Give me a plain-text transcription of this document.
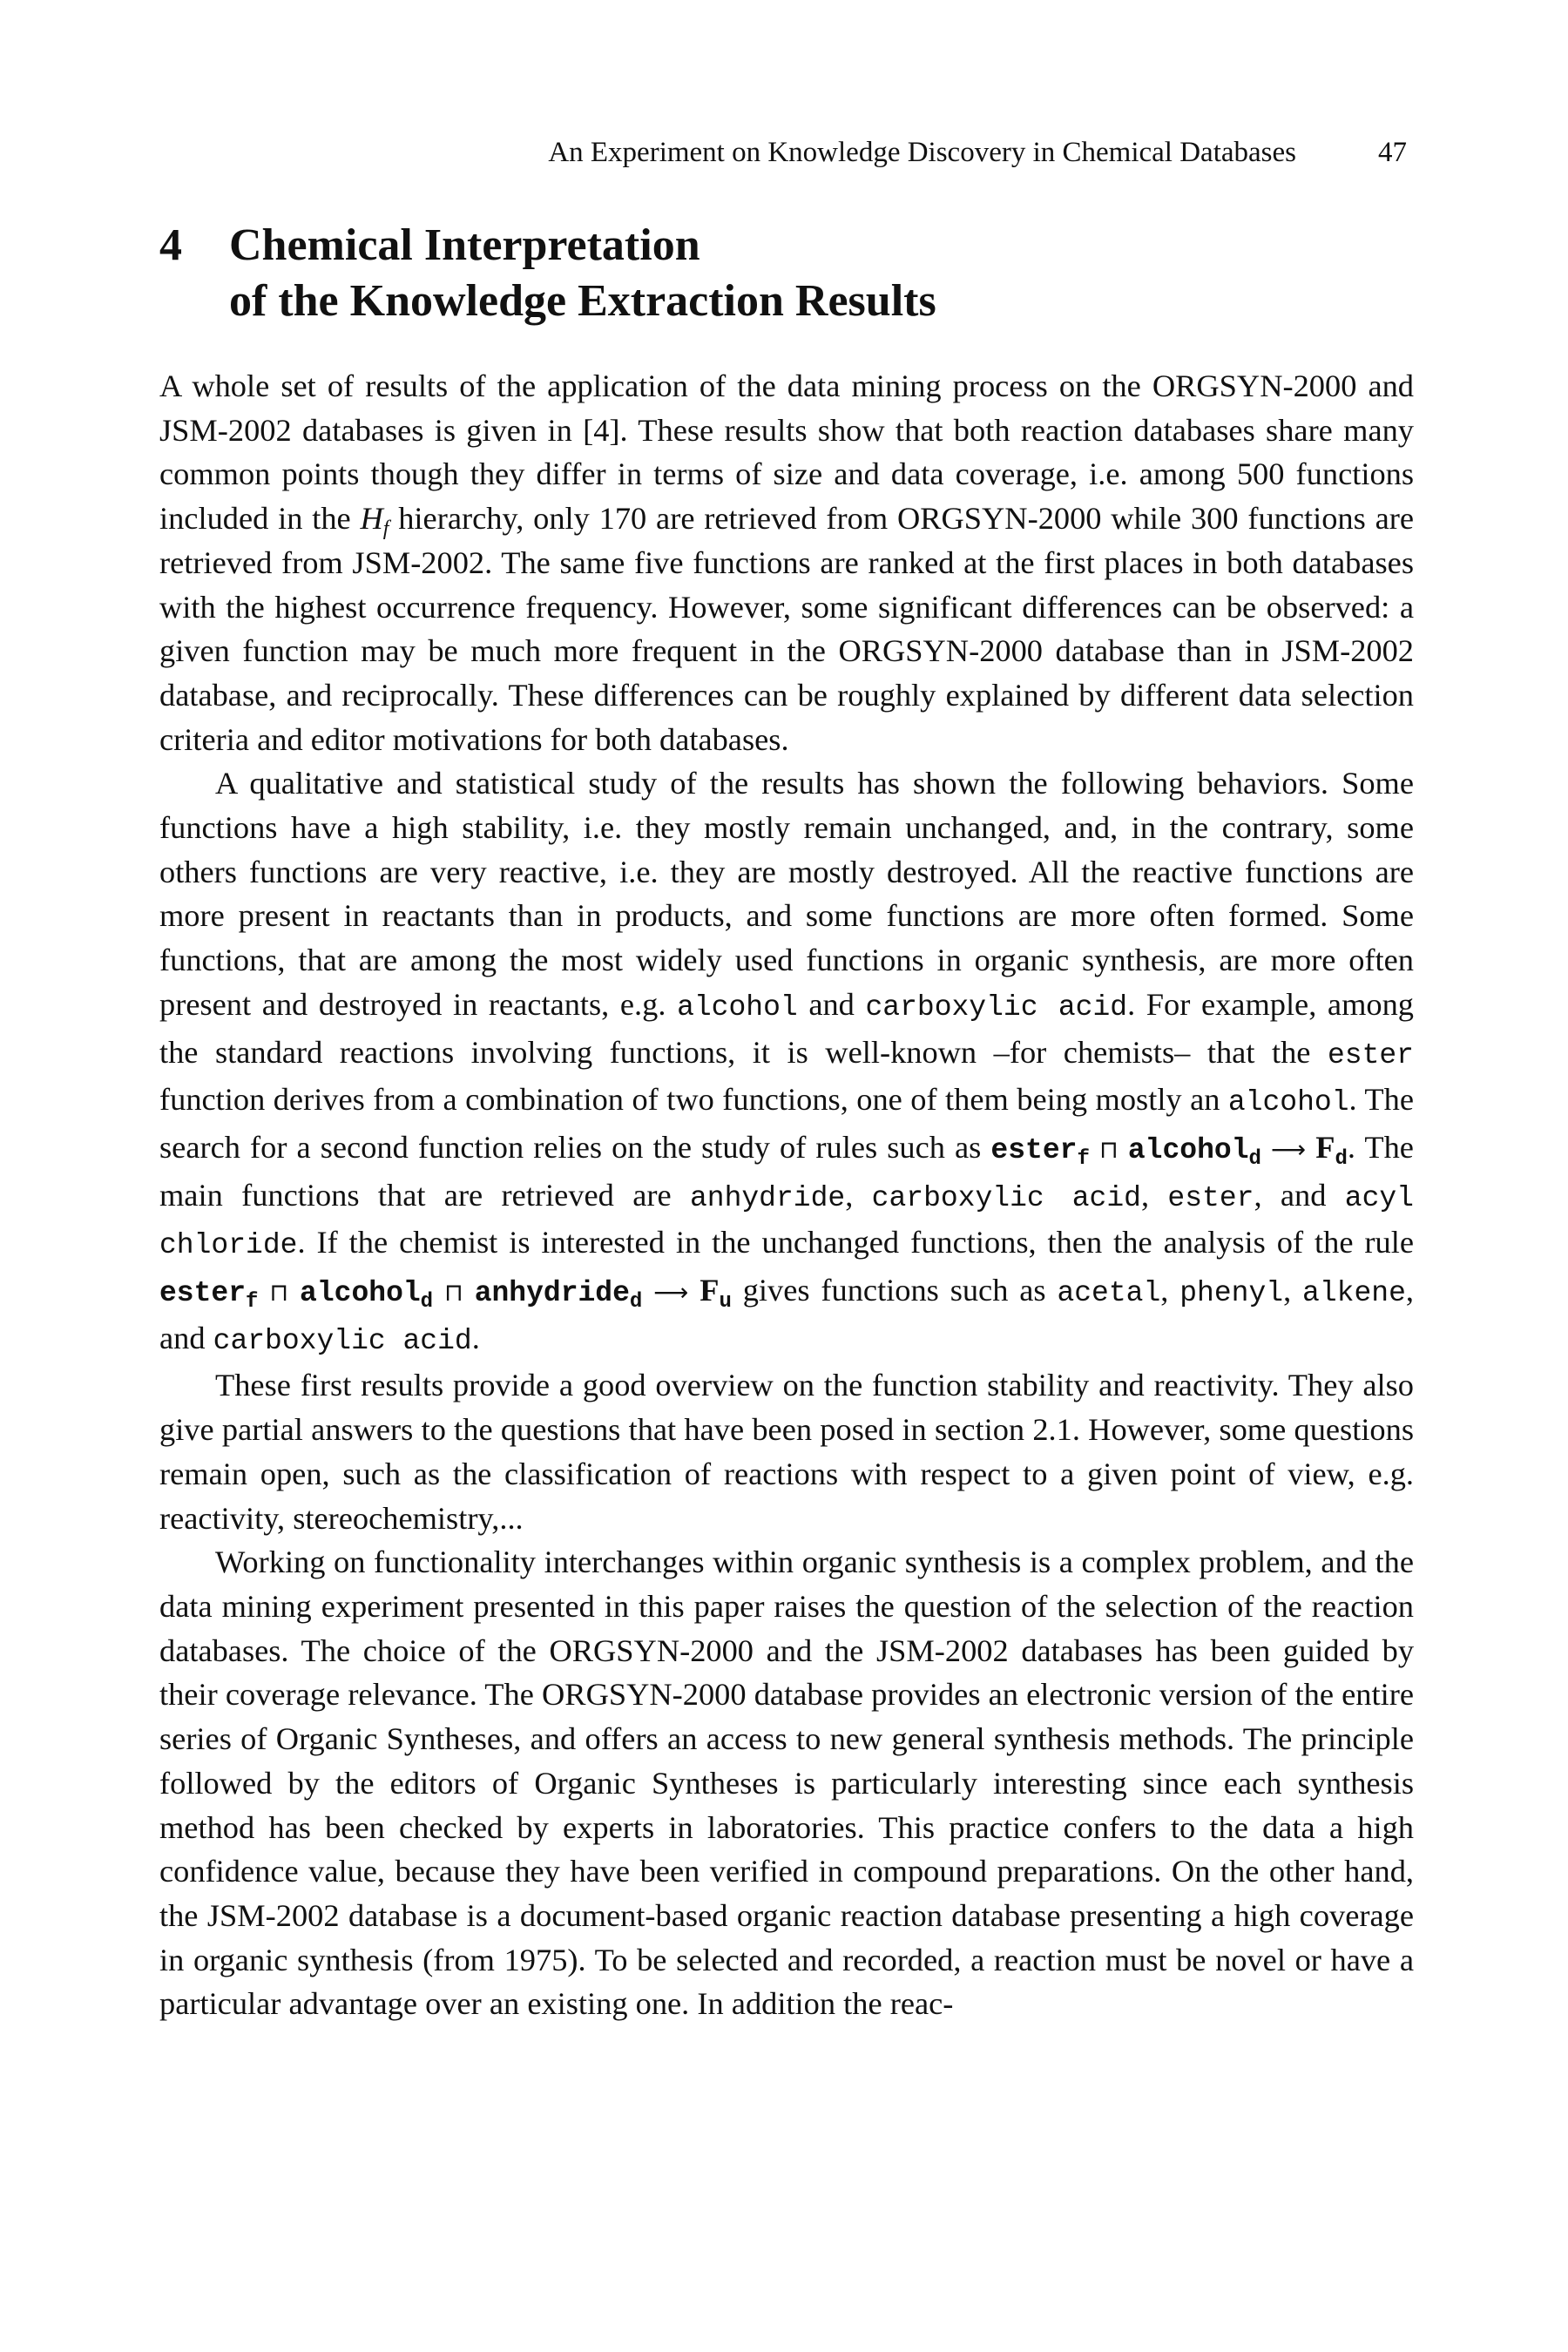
An Experiment on Knowledge Discovery in Chemical Databases	47
4 Chemical Interpretation
of the Knowledge Extraction Results

A whole set of results of the application of the data mining process on the ORGSYN-2000 and JSM-2002 databases is given in [4]. These results show that both reaction databases share many common points though they differ in terms of size and data coverage, i.e. among 500 functions included in the $H_f$ hierarchy, only 170 are retrieved from ORGSYN-2000 while 300 functions are retrieved from JSM-2002. The same five functions are ranked at the first places in both databases with the highest occurrence frequency. However, some significant differences can be observed: a given function may be much more frequent in the ORGSYN-2000 database than in JSM-2002 database, and reciprocally. These differences can be roughly explained by different data selection criteria and editor motivations for both databases.

A qualitative and statistical study of the results has shown the following behaviors. Some functions have a high stability, i.e. they mostly remain unchanged, and, in the contrary, some others functions are very reactive, i.e. they are mostly destroyed. All the reactive functions are more present in reactants than in products, and some functions are more often formed. Some functions, that are among the most widely used functions in organic synthesis, are more often present and destroyed in reactants, e.g. alcohol and carboxylic acid. For example, among the standard reactions involving functions, it is well-known –for chemists– that the ester function derives from a combination of two functions, one of them being mostly an alcohol. The search for a second function relies on the study of rules such as ester$_f$ ⊓ alcohol$_d$ ⟶ $F_d$. The main functions that are retrieved are anhydride, carboxylic acid, ester, and acyl chloride. If the chemist is interested in the unchanged functions, then the analysis of the rule ester$_f$ ⊓ alcohol$_d$ ⊓ anhydride$_d$ ⟶ $F_u$ gives functions such as acetal, phenyl, alkene, and carboxylic acid.

These first results provide a good overview on the function stability and reactivity. They also give partial answers to the questions that have been posed in section 2.1. However, some questions remain open, such as the classification of reactions with respect to a given point of view, e.g. reactivity, stereochemistry,...

Working on functionality interchanges within organic synthesis is a complex problem, and the data mining experiment presented in this paper raises the question of the selection of the reaction databases. The choice of the ORGSYN-2000 and the JSM-2002 databases has been guided by their coverage relevance. The ORGSYN-2000 database provides an electronic version of the entire series of Organic Syntheses, and offers an access to new general synthesis methods. The principle followed by the editors of Organic Syntheses is particularly interesting since each synthesis method has been checked by experts in laboratories. This practice confers to the data a high confidence value, because they have been verified in compound preparations. On the other hand, the JSM-2002 database is a document-based organic reaction database presenting a high coverage in organic synthesis (from 1975). To be selected and recorded, a reaction must be novel or have a particular advantage over an existing one. In addition the reac-
